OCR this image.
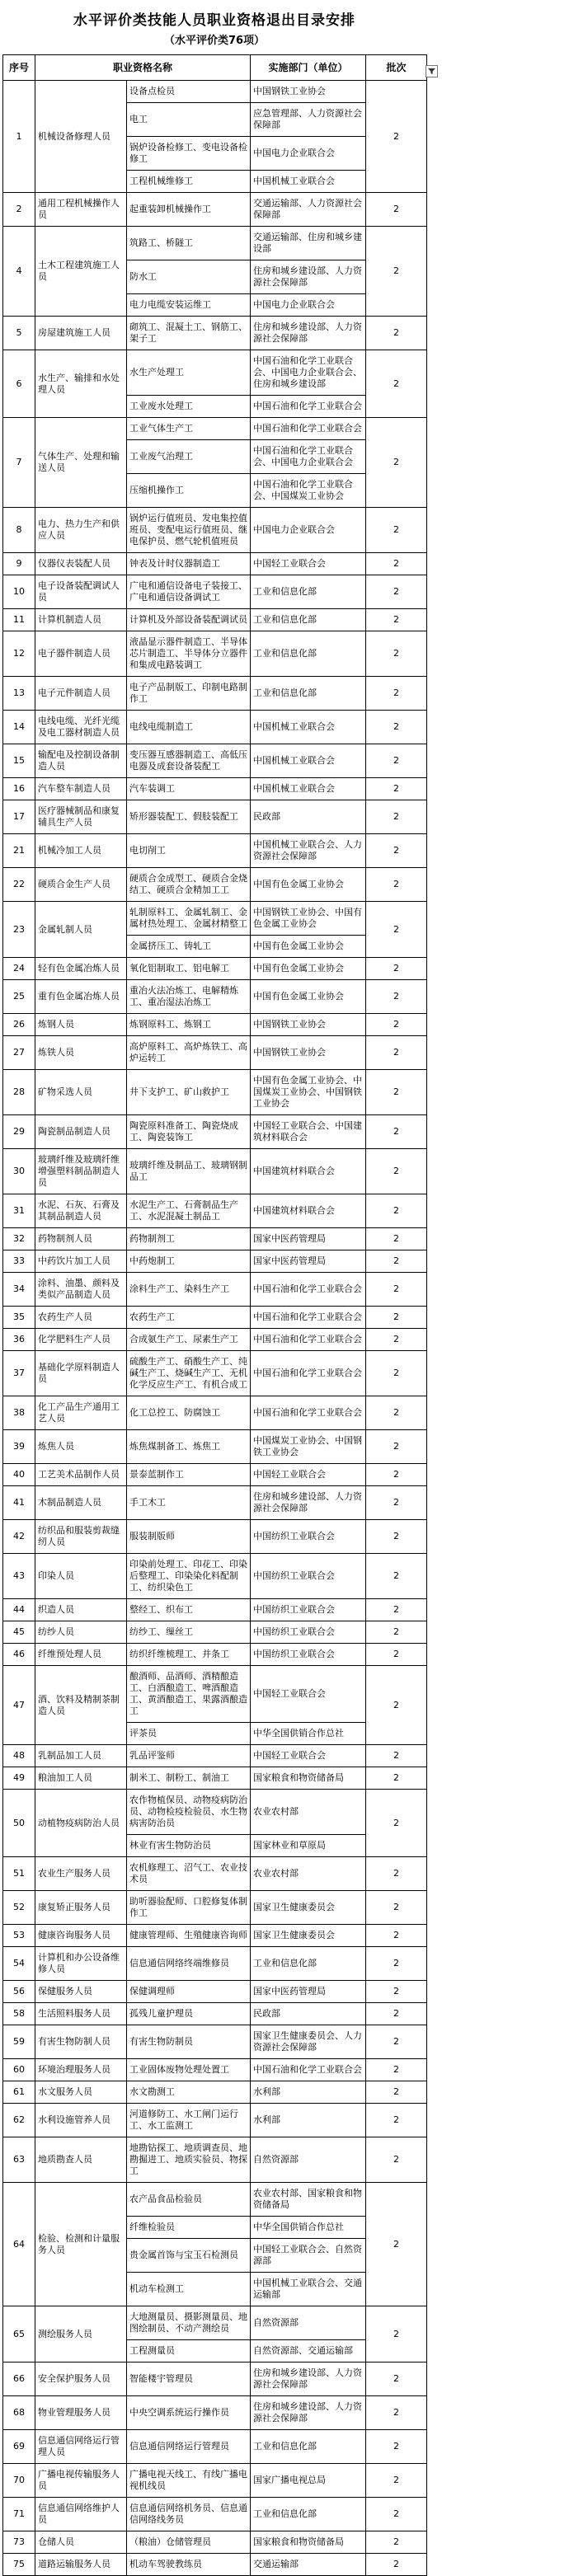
水平评价类技能人员职业资格退出目录安排
（水平评价类76项）
序号	职业资格名称		实施部门（单位）	批次

1	机械设备修理人员	设备点检员	中国钢铁工业协会	2
		电工	应急管理部、人力资源社会保障部	
		锅炉设备检修工、变电设备检修工	中国电力企业联合会	
		工程机械维修工	中国机械工业联合会	
2	通用工程机械操作人员	起重装卸机械操作工	交通运输部、人力资源社会保障部	2
4	土木工程建筑施工人员	筑路工、桥隧工	交通运输部、住房和城乡建设部	2
		防水工	住房和城乡建设部、人力资源社会保障部	
		电力电缆安装运维工	中国电力企业联合会	
5	房屋建筑施工人员	砌筑工、混凝土工、钢筋工、架子工	住房和城乡建设部、人力资源社会保障部	2
6	水生产、输排和水处理人员	水生产处理工	中国石油和化学工业联合会、中国电力企业联合会、住房和城乡建设部	2
		工业废水处理工	中国石油和化学工业联合会	
7	气体生产、处理和输送人员	工业气体生产工	中国石油和化学工业联合会	2
		工业废气治理工	中国石油和化学工业联合会、中国电力企业联合会	
		压缩机操作工	中国石油和化学工业联合会、中国煤炭工业协会	
8	电力、热力生产和供应人员	锅炉运行值班员、发电集控值班员、变配电运行值班员、继电保护员、燃气轮机值班员	中国电力企业联合会	2
9	仪器仪表装配人员	钟表及计时仪器制造工	中国轻工业联合会	2
10	电子设备装配调试人员	广电和通信设备电子装接工、广电和通信设备调试工	工业和信息化部	2
11	计算机制造人员	计算机及外部设备装配调试员	工业和信息化部	2
12	电子器件制造人员	液晶显示器件制造工、半导体芯片制造工、半导体分立器件和集成电路装调工	工业和信息化部	2
13	电子元件制造人员	电子产品制版工、印制电路制作工	工业和信息化部	2
14	电线电缆、光纤光缆及电工器材制造人员	电线电缆制造工	中国机械工业联合会	2
15	输配电及控制设备制造人员	变压器互感器制造工、高低压电器及成套设备装配工	中国机械工业联合会	2
16	汽车整车制造人员	汽车装调工	中国机械工业联合会	2
17	医疗器械制品和康复辅具生产人员	矫形器装配工、假肢装配工	民政部	2
21	机械冷加工人员	电切削工	中国机械工业联合会、人力资源社会保障部	2
22	硬质合金生产人员	硬质合金成型工、硬质合金烧结工、硬质合金精加工工	中国有色金属工业协会	2
23	金属轧制人员	轧制原料工、金属轧制工、金属材热处理工、金属材精整工	中国钢铁工业协会、中国有色金属工业协会	2
		金属挤压工、铸轧工	中国有色金属工业协会	
24	轻有色金属冶炼人员	氧化铝制取工、铝电解工	中国有色金属工业协会	2
25	重有色金属冶炼人员	重冶火法冶炼工、电解精炼工、重冶湿法冶炼工	中国有色金属工业协会	2
26	炼钢人员	炼钢原料工、炼钢工	中国钢铁工业协会	2
27	炼铁人员	高炉原料工、高炉炼铁工、高炉运转工	中国钢铁工业协会	2
28	矿物采选人员	井下支护工、矿山救护工	中国有色金属工业协会、中国煤炭工业协会、中国钢铁工业协会	2
29	陶瓷制品制造人员	陶瓷原料准备工、陶瓷烧成工、陶瓷装饰工	中国轻工业联合会、中国建筑材料联合会	2
30	玻璃纤维及玻璃纤维增强塑料制品制造人员	玻璃纤维及制品工、玻璃钢制品工	中国建筑材料联合会	2
31	水泥、石灰、石膏及其制品制造人员	水泥生产工、石膏制品生产工、水泥混凝土制品工	中国建筑材料联合会	2
32	药物制剂人员	药物制剂工	国家中医药管理局	2
33	中药饮片加工人员	中药炮制工	国家中医药管理局	2
34	涂料、油墨、颜料及类似产品制造人员	涂料生产工、染料生产工	中国石油和化学工业联合会	2
35	农药生产人员	农药生产工	中国石油和化学工业联合会	2
36	化学肥料生产人员	合成氨生产工、尿素生产工	中国石油和化学工业联合会	2
37	基础化学原料制造人员	硫酸生产工、硝酸生产工、纯碱生产工、烧碱生产工、无机化学反应生产工、有机合成工	中国石油和化学工业联合会	2
38	化工产品生产通用工艺人员	化工总控工、防腐蚀工	中国石油和化学工业联合会	2
39	炼焦人员	炼焦煤制备工、炼焦工	中国煤炭工业协会、中国钢铁工业协会	2
40	工艺美术品制作人员	景泰蓝制作工	中国轻工业联合会	2
41	木制品制造人员	手工木工	住房和城乡建设部、人力资源社会保障部	2
42	纺织品和服装剪裁缝纫人员	服装制版师	中国纺织工业联合会	2
43	印染人员	印染前处理工、印花工、印染后整理工、印染染化料配制工、纺织染色工	中国纺织工业联合会	2
44	织造人员	整经工、织布工	中国纺织工业联合会	2
45	纺纱人员	纺纱工、缫丝工	中国纺织工业联合会	2
46	纤维预处理人员	纺织纤维梳理工、并条工	中国纺织工业联合会	2
47	酒、饮料及精制茶制造人员	酿酒师、品酒师、酒精酿造工、白酒酿造工、啤酒酿造工、黄酒酿造工、果露酒酿造工	中国轻工业联合会	2
		评茶员	中华全国供销合作总社	
48	乳制品加工人员	乳品评鉴师	中国轻工业联合会	2
49	粮油加工人员	制米工、制粉工、制油工	国家粮食和物资储备局	2
50	动植物疫病防治人员	农作物植保员、动物疫病防治员、动物检疫检验员、水生物病害防治员	农业农村部	2
		林业有害生物防治员	国家林业和草原局	
51	农业生产服务人员	农机修理工、沼气工、农业技术员	农业农村部	2
52	康复矫正服务人员	助听器验配师、口腔修复体制作工	国家卫生健康委员会	2
53	健康咨询服务人员	健康管理师、生殖健康咨询师	国家卫生健康委员会	2
54	计算机和办公设备维修人员	信息通信网络终端维修员	工业和信息化部	2
56	保健服务人员	保健调理师	国家中医药管理局	2
58	生活照料服务人员	孤残儿童护理员	民政部	2
59	有害生物防制人员	有害生物防制员	国家卫生健康委员会、人力资源社会保障部	2
60	环境治理服务人员	工业固体废物处理处置工	中国石油和化学工业联合会	2
61	水文服务人员	水文勘测工	水利部	2
62	水利设施管养人员	河道修防工、水工闸门运行工、水工监测工	水利部	2
63	地质勘查人员	地勘钻探工、地质调查员、地勘掘进工、地质实验员、物探工	自然资源部	2
64	检验、检测和计量服务人员	农产品食品检验员	农业农村部、国家粮食和物资储备局	2
		纤维检验员	中华全国供销合作总社	
		贵金属首饰与宝玉石检测员	中国轻工业联合会、自然资源部	
		机动车检测工	中国机械工业联合会、交通运输部	
65	测绘服务人员	大地测量员、摄影测量员、地图绘制员、不动产测绘员	自然资源部	2
		工程测量员	自然资源部、交通运输部	
66	安全保护服务人员	智能楼宇管理员	住房和城乡建设部、人力资源社会保障部	2
68	物业管理服务人员	中央空调系统运行操作员	住房和城乡建设部、人力资源社会保障部	2
69	信息通信网络运行管理人员	信息通信网络运行管理员	工业和信息化部	2
70	广播电视传输服务人员	广播电视天线工、有线广播电视机线员	国家广播电视总局	2
71	信息通信网络维护人员	信息通信网络机务员、信息通信网络线务员	工业和信息化部	2
73	仓储人员	（粮油）仓储管理员	国家粮食和物资储备局	2
75	道路运输服务人员	机动车驾驶教练员	交通运输部	2
